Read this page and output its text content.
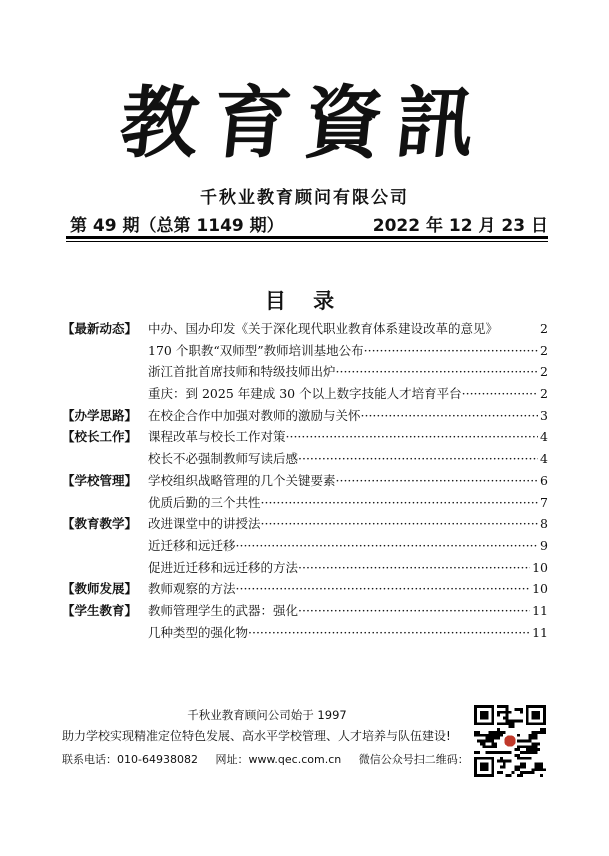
教育資訊
千秋业教育顾问有限公司
第 49 期（总第 1149 期）	2022 年 12 月 23 日
目 录
【最新动态】 中办、国办印发《关于深化现代职业教育体系建设改革的意见》	2
170 个职教“双师型”教师培训基地公布 ·····	2
浙江首批首席技师和特级技师出炉 ·····	2
重庆：到 2025 年建成 30 个以上数字技能人才培育平台 ·····	2
【办学思路】 在校企合作中加强对教师的激励与关怀 ·····	3
【校长工作】 课程改革与校长工作对策 ·····	4
校长不必强制教师写读后感 ·····	4
【学校管理】 学校组织战略管理的几个关键要素 ·····	6
优质后勤的三个共性 ·····	7
【教育教学】 改进课堂中的讲授法 ·····	8
近迁移和远迁移 ·····	9
促进近迁移和远迁移的方法 ·····	10
【教师发展】 教师观察的方法 ·····	10
【学生教育】 教师管理学生的武器：强化 ·····	11
几种类型的强化物 ·····	11
千秋业教育顾问公司始于 1997
助力学校实现精准定位特色发展、高水平学校管理、人才培养与队伍建设!
联系电话：010-64938082 网址：www.qec.com.cn 微信公众号扫二维码：
